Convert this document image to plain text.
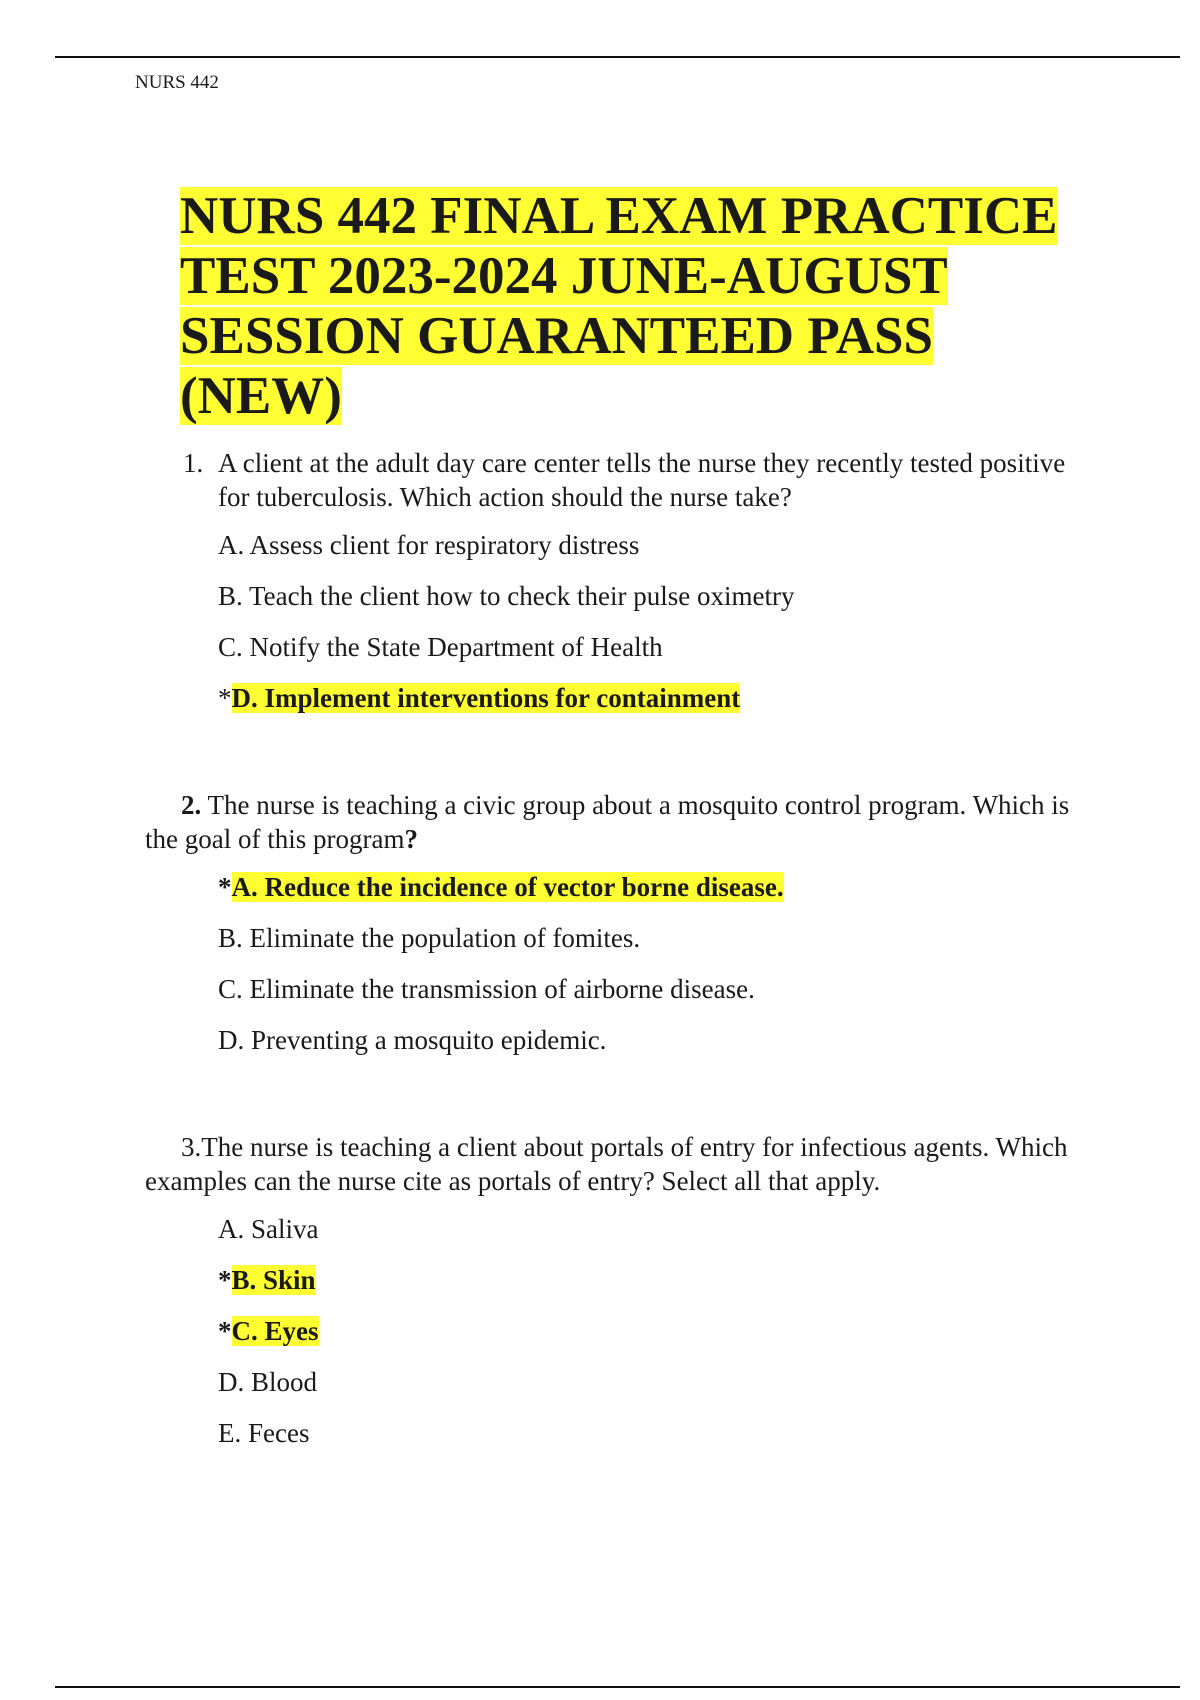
NURS 442
NURS 442 FINAL EXAM PRACTICE
TEST 2023-2024 JUNE-AUGUST
SESSION GUARANTEED PASS
(NEW)
1. A client at the adult day care center tells the nurse they recently tested positive for tuberculosis. Which action should the nurse take?
A. Assess client for respiratory distress
B. Teach the client how to check their pulse oximetry
C. Notify the State Department of Health
*D. Implement interventions for containment

2. The nurse is teaching a civic group about a mosquito control program. Which is the goal of this program?

*A. Reduce the incidence of vector borne disease.
B. Eliminate the population of fomites.
C. Eliminate the transmission of airborne disease.
D. Preventing a mosquito epidemic.

3.The nurse is teaching a client about portals of entry for infectious agents. Which examples can the nurse cite as portals of entry? Select all that apply.

A. Saliva
*B. Skin
*C. Eyes
D. Blood
E. Feces
